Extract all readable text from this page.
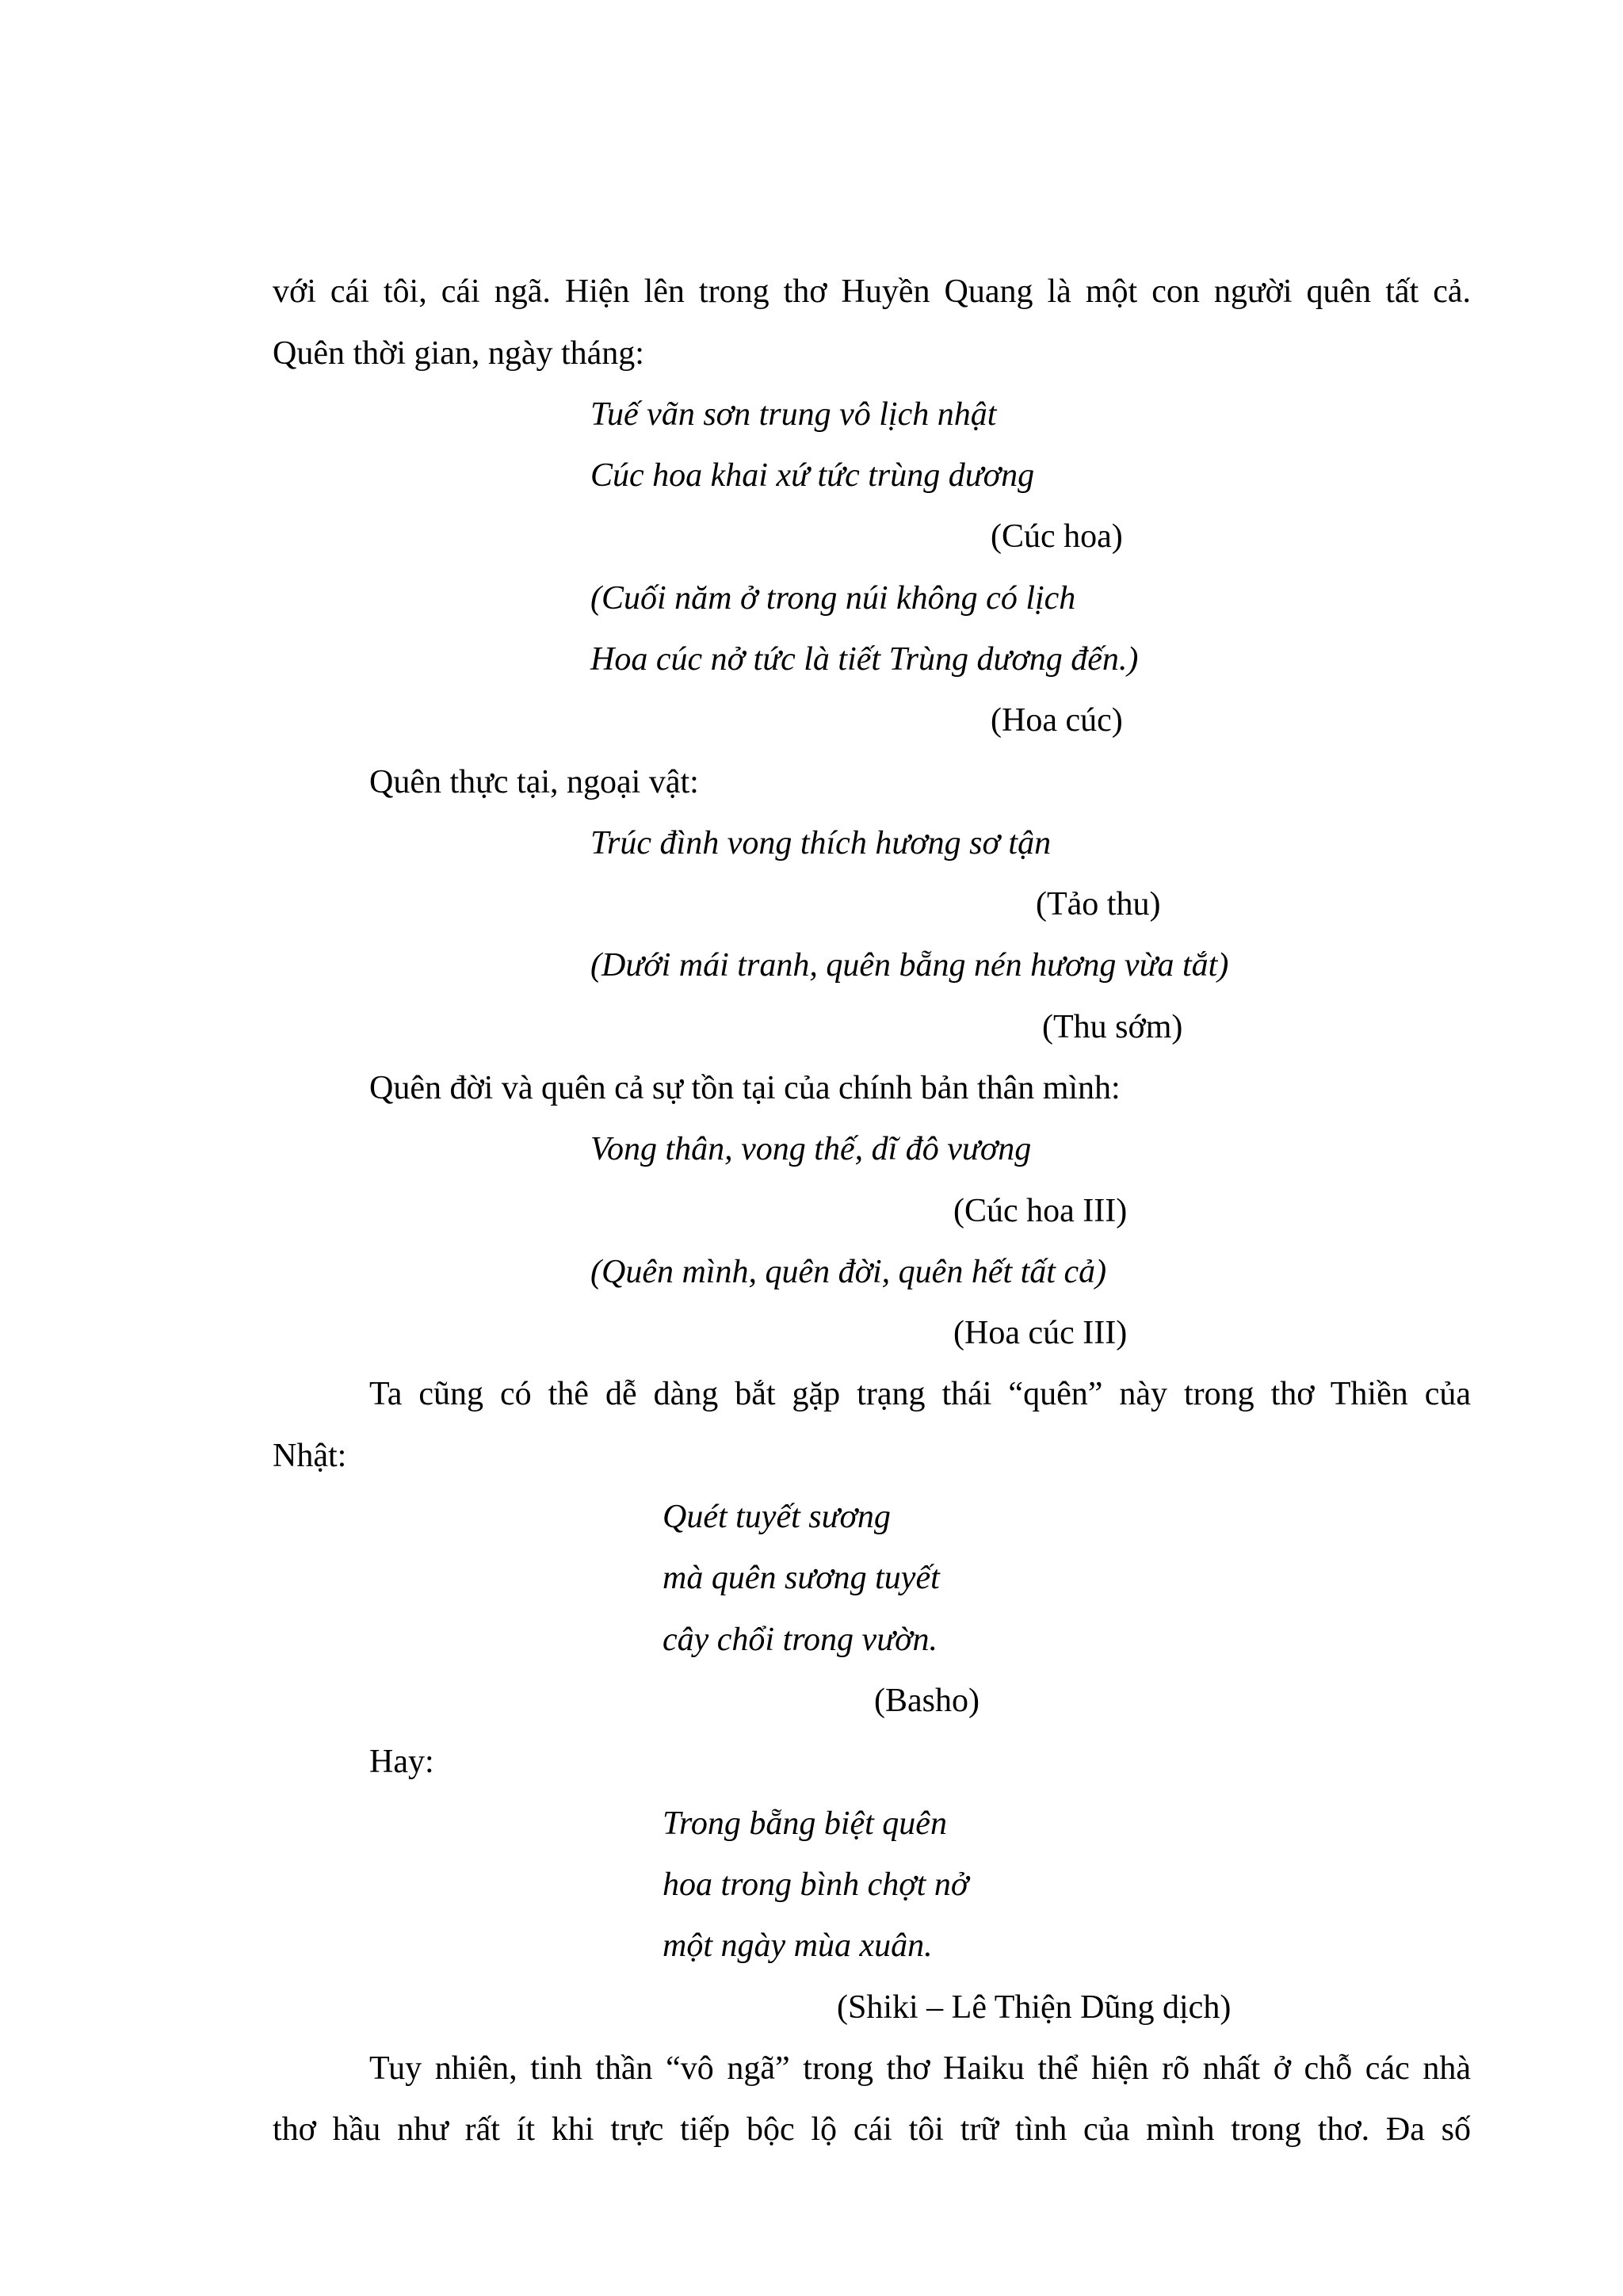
với cái tôi, cái ngã. Hiện lên trong thơ Huyền Quang là một con người quên tất cả.
Quên thời gian, ngày tháng:
Tuế vãn sơn trung vô lịch nhật
Cúc hoa khai xứ tức trùng dương
(Cúc hoa)
(Cuối năm ở trong núi không có lịch
Hoa cúc nở tức là tiết Trùng dương đến.)
(Hoa cúc)
Quên thực tại, ngoại vật:
Trúc đình vong thích hương sơ tận
(Tảo thu)
(Dưới mái tranh, quên bẵng nén hương vừa tắt)
(Thu sớm)
Quên đời và quên cả sự tồn tại của chính bản thân mình:
Vong thân, vong thế, dĩ đô vương
(Cúc hoa III)
(Quên mình, quên đời, quên hết tất cả)
(Hoa cúc III)
Ta cũng có thê dễ dàng bắt gặp trạng thái “quên” này trong thơ Thiền của
Nhật:
Quét tuyết sương
mà quên sương tuyết
cây chổi trong vườn.
(Basho)
Hay:
Trong bẵng biệt quên
hoa trong bình chợt nở
một ngày mùa xuân.
(Shiki – Lê Thiện Dũng dịch)
Tuy nhiên, tinh thần “vô ngã” trong thơ Haiku thể hiện rõ nhất ở chỗ các nhà
thơ hầu như rất ít khi trực tiếp bộc lộ cái tôi trữ tình của mình trong thơ. Đa số
